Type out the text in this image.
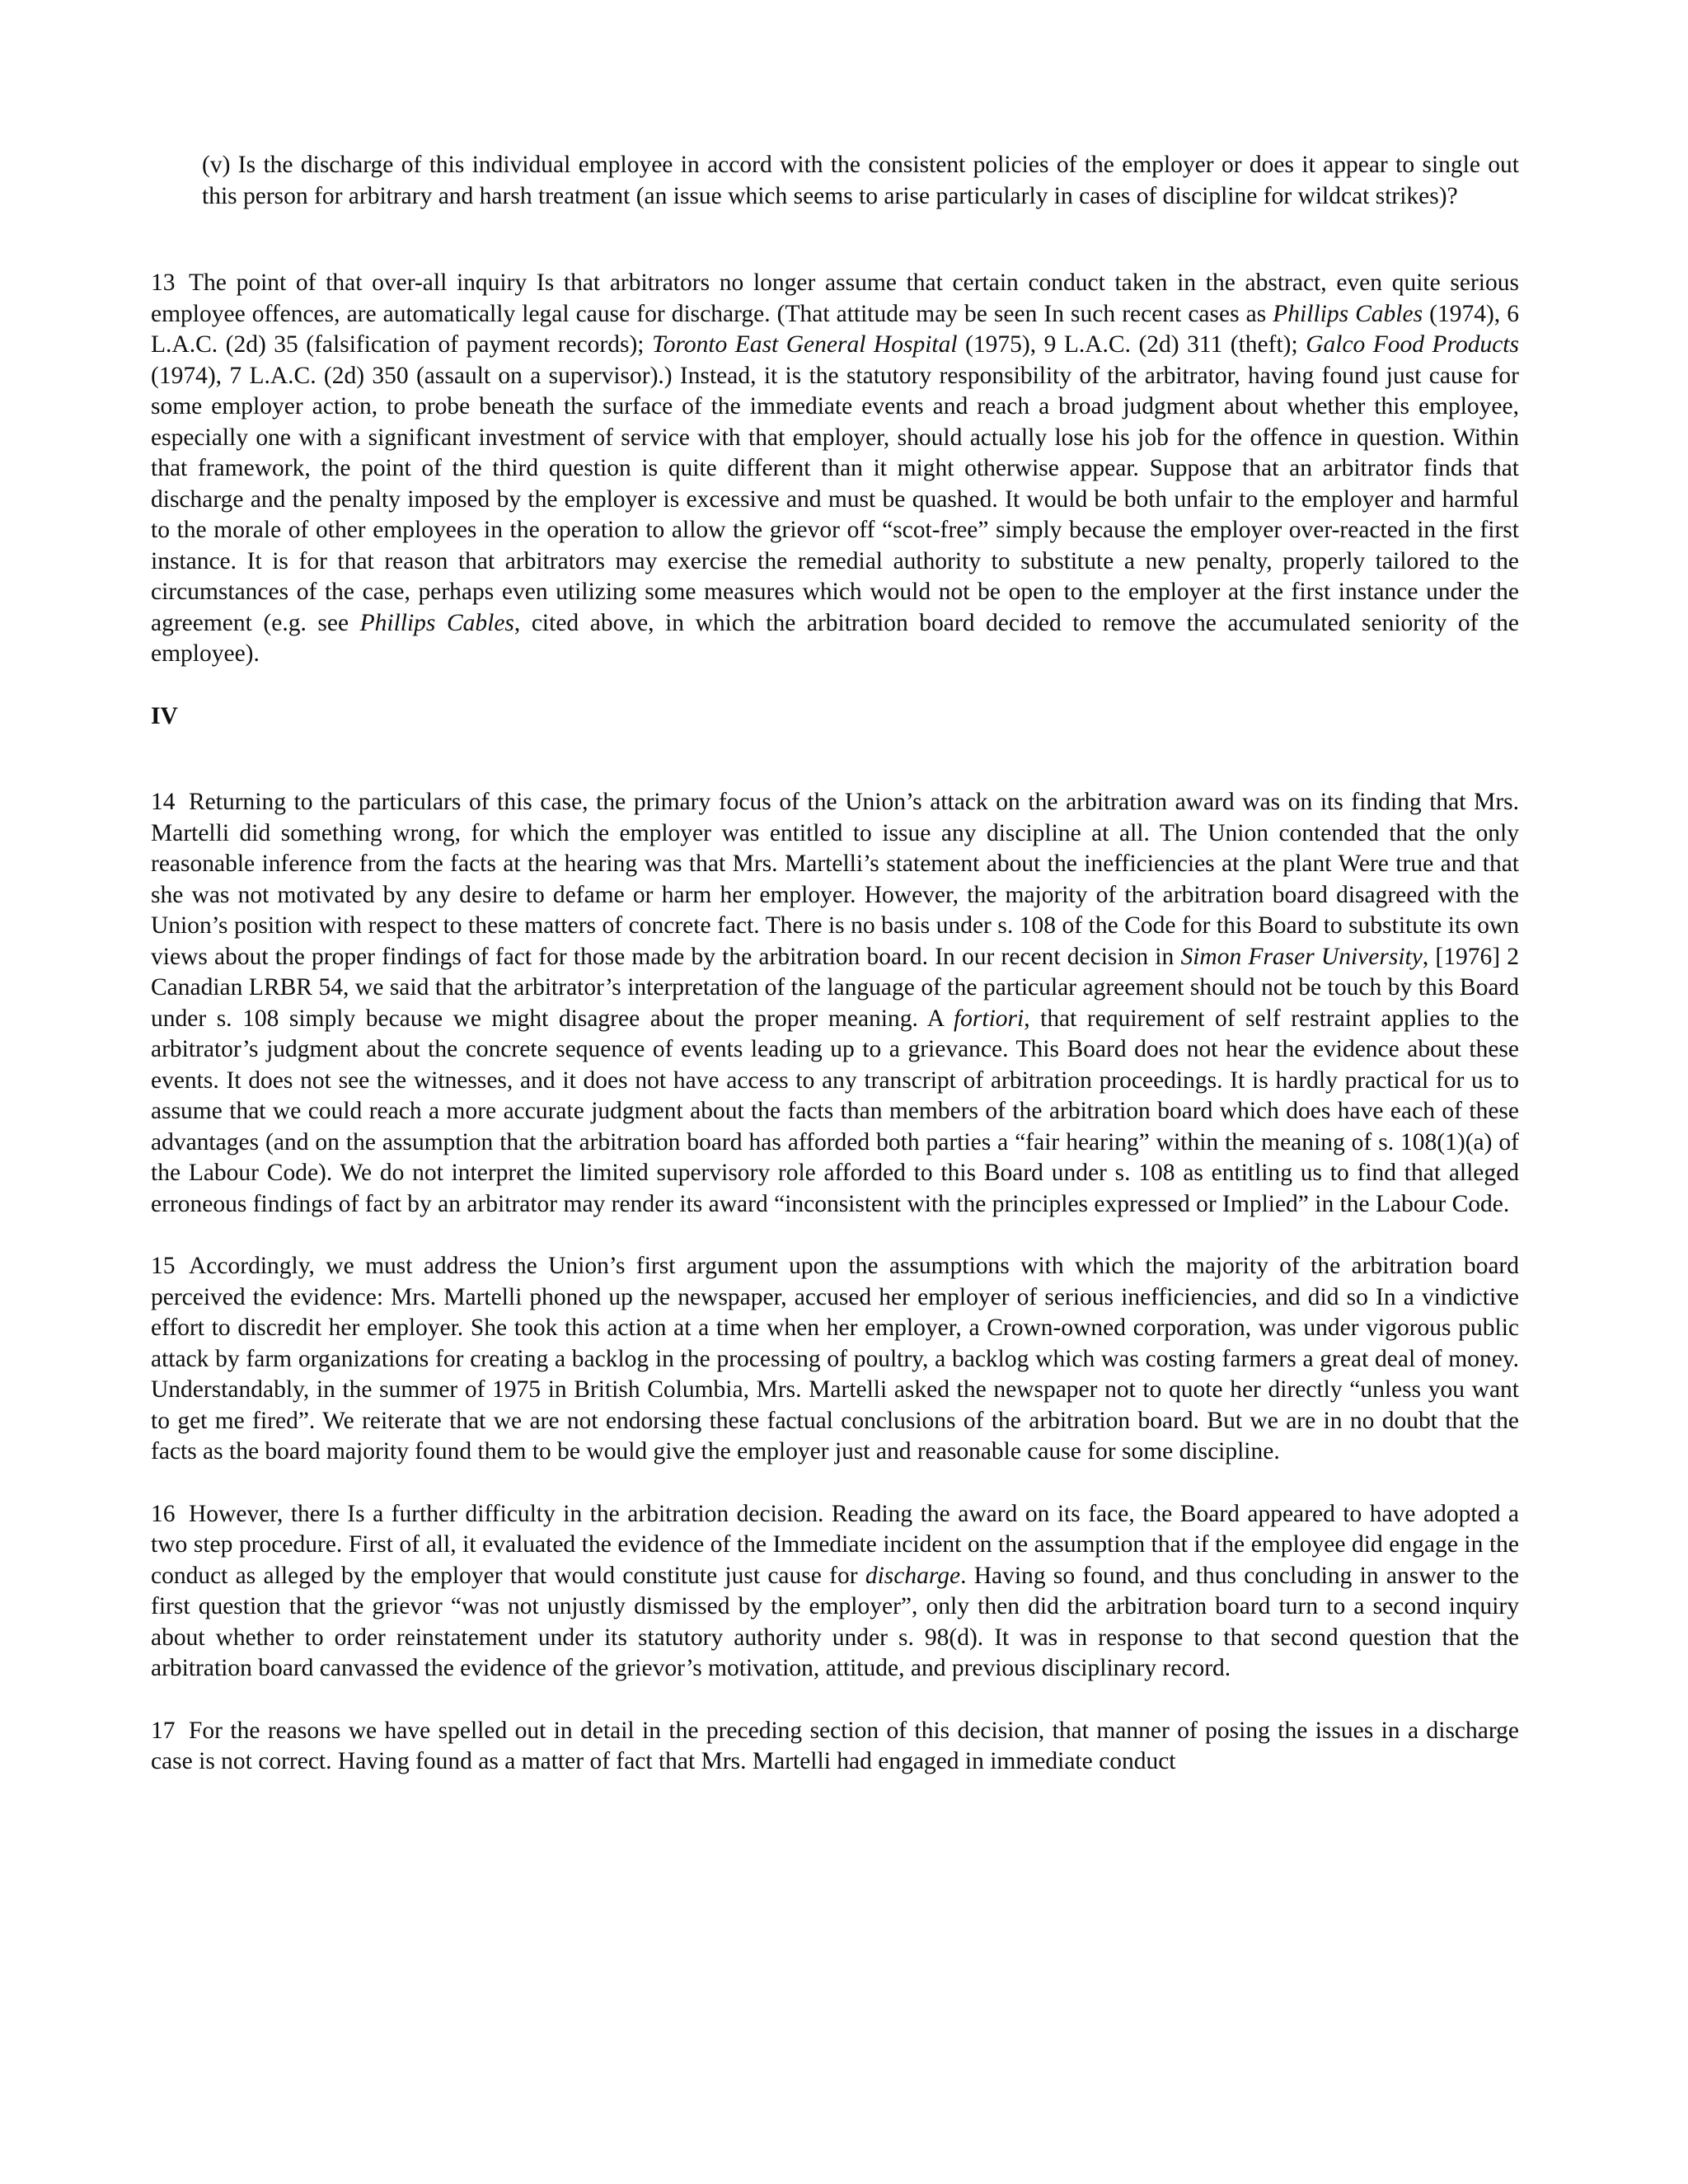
(v) Is the discharge of this individual employee in accord with the consistent policies of the employer or does it appear to single out this person for arbitrary and harsh treatment (an issue which seems to arise particularly in cases of discipline for wildcat strikes)?

13 The point of that over-all inquiry Is that arbitrators no longer assume that certain conduct taken in the abstract, even quite serious employee offences, are automatically legal cause for discharge. (That attitude may be seen In such recent cases as Phillips Cables (1974), 6 L.A.C. (2d) 35 (falsification of payment records); Toronto East General Hospital (1975), 9 L.A.C. (2d) 311 (theft); Galco Food Products (1974), 7 L.A.C. (2d) 350 (assault on a supervisor).) Instead, it is the statutory responsibility of the arbitrator, having found just cause for some employer action, to probe beneath the surface of the immediate events and reach a broad judgment about whether this employee, especially one with a significant investment of service with that employer, should actually lose his job for the offence in question. Within that framework, the point of the third question is quite different than it might otherwise appear. Suppose that an arbitrator finds that discharge and the penalty imposed by the employer is excessive and must be quashed. It would be both unfair to the employer and harmful to the morale of other employees in the operation to allow the grievor off “scot-free” simply because the employer over-reacted in the first instance. It is for that reason that arbitrators may exercise the remedial authority to substitute a new penalty, properly tailored to the circumstances of the case, perhaps even utilizing some measures which would not be open to the employer at the first instance under the agreement (e.g. see Phillips Cables, cited above, in which the arbitration board decided to remove the accumulated seniority of the employee).

IV

14 Returning to the particulars of this case, the primary focus of the Union’s attack on the arbitration award was on its finding that Mrs. Martelli did something wrong, for which the employer was entitled to issue any discipline at all. The Union contended that the only reasonable inference from the facts at the hearing was that Mrs. Martelli’s statement about the inefficiencies at the plant Were true and that she was not motivated by any desire to defame or harm her employer. However, the majority of the arbitration board disagreed with the Union’s position with respect to these matters of concrete fact. There is no basis under s. 108 of the Code for this Board to substitute its own views about the proper findings of fact for those made by the arbitration board. In our recent decision in Simon Fraser University, [1976] 2 Canadian LRBR 54, we said that the arbitrator’s interpretation of the language of the particular agreement should not be touch by this Board under s. 108 simply because we might disagree about the proper meaning. A fortiori, that requirement of self restraint applies to the arbitrator’s judgment about the concrete sequence of events leading up to a grievance. This Board does not hear the evidence about these events. It does not see the witnesses, and it does not have access to any transcript of arbitration proceedings. It is hardly practical for us to assume that we could reach a more accurate judgment about the facts than members of the arbitration board which does have each of these advantages (and on the assumption that the arbitration board has afforded both parties a “fair hearing” within the meaning of s. 108(1)(a) of the Labour Code). We do not interpret the limited supervisory role afforded to this Board under s. 108 as entitling us to find that alleged erroneous findings of fact by an arbitrator may render its award “inconsistent with the principles expressed or Implied” in the Labour Code.

15 Accordingly, we must address the Union’s first argument upon the assumptions with which the majority of the arbitration board perceived the evidence: Mrs. Martelli phoned up the newspaper, accused her employer of serious inefficiencies, and did so In a vindictive effort to discredit her employer. She took this action at a time when her employer, a Crown-owned corporation, was under vigorous public attack by farm organizations for creating a backlog in the processing of poultry, a backlog which was costing farmers a great deal of money. Understandably, in the summer of 1975 in British Columbia, Mrs. Martelli asked the newspaper not to quote her directly “unless you want to get me fired”. We reiterate that we are not endorsing these factual conclusions of the arbitration board. But we are in no doubt that the facts as the board majority found them to be would give the employer just and reasonable cause for some discipline.

16 However, there Is a further difficulty in the arbitration decision. Reading the award on its face, the Board appeared to have adopted a two step procedure. First of all, it evaluated the evidence of the Immediate incident on the assumption that if the employee did engage in the conduct as alleged by the employer that would constitute just cause for discharge. Having so found, and thus concluding in answer to the first question that the grievor “was not unjustly dismissed by the employer”, only then did the arbitration board turn to a second inquiry about whether to order reinstatement under its statutory authority under s. 98(d). It was in response to that second question that the arbitration board canvassed the evidence of the grievor’s motivation, attitude, and previous disciplinary record.

17 For the reasons we have spelled out in detail in the preceding section of this decision, that manner of posing the issues in a discharge case is not correct. Having found as a matter of fact that Mrs. Martelli had engaged in immediate conduct
